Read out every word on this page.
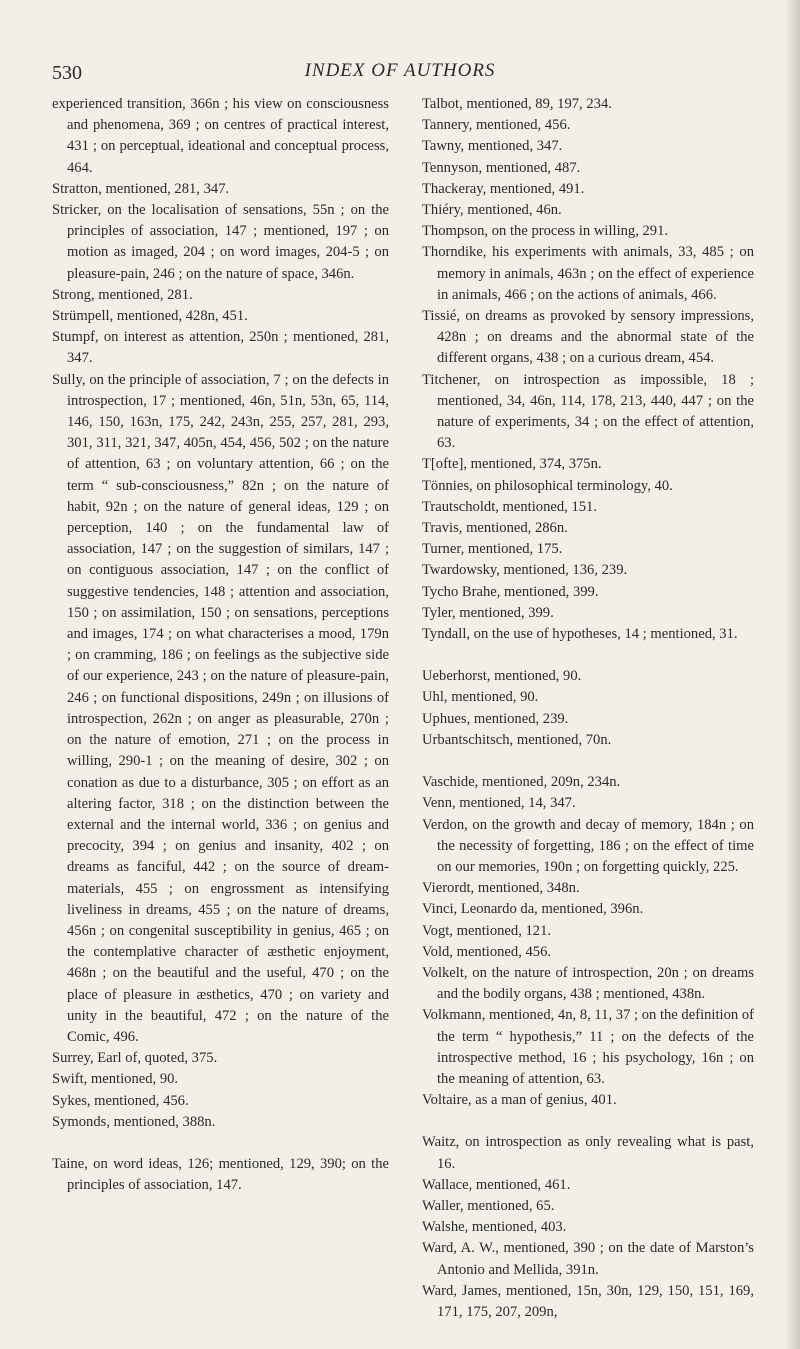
530	INDEX OF AUTHORS

experienced transition, 366n ; his view on consciousness and phenomena, 369 ; on centres of practical interest, 431 ; on perceptual, ideational and conceptual process, 464.

Stratton, mentioned, 281, 347.

Stricker, on the localisation of sensations, 55n ; on the principles of association, 147 ; mentioned, 197 ; on motion as imaged, 204 ; on word images, 204-5 ; on pleasure-pain, 246 ; on the nature of space, 346n.

Strong, mentioned, 281.

Strümpell, mentioned, 428n, 451.

Stumpf, on interest as attention, 250n ; mentioned, 281, 347.

Sully, on the principle of association, 7 ; on the defects in introspection, 17 ; mentioned, 46n, 51n, 53n, 65, 114, 146, 150, 163n, 175, 242, 243n, 255, 257, 281, 293, 301, 311, 321, 347, 405n, 454, 456, 502 ; on the nature of attention, 63 ; on voluntary attention, 66 ; on the term “ sub-consciousness,” 82n ; on the nature of habit, 92n ; on the nature of general ideas, 129 ; on perception, 140 ; on the fundamental law of association, 147 ; on the suggestion of similars, 147 ; on contiguous association, 147 ; on the conflict of suggestive tendencies, 148 ; attention and association, 150 ; on assimilation, 150 ; on sensations, perceptions and images, 174 ; on what characterises a mood, 179n ; on cramming, 186 ; on feelings as the subjective side of our experience, 243 ; on the nature of pleasure-pain, 246 ; on functional dispositions, 249n ; on illusions of introspection, 262n ; on anger as pleasurable, 270n ; on the nature of emotion, 271 ; on the process in willing, 290-1 ; on the meaning of desire, 302 ; on conation as due to a disturbance, 305 ; on effort as an altering factor, 318 ; on the distinction between the external and the internal world, 336 ; on genius and precocity, 394 ; on genius and insanity, 402 ; on dreams as fanciful, 442 ; on the source of dream-materials, 455 ; on engrossment as intensifying liveliness in dreams, 455 ; on the nature of dreams, 456n ; on congenital susceptibility in genius, 465 ; on the contemplative character of æsthetic enjoyment, 468n ; on the beautiful and the useful, 470 ; on the place of pleasure in æsthetics, 470 ; on variety and unity in the beautiful, 472 ; on the nature of the Comic, 496.

Surrey, Earl of, quoted, 375.

Swift, mentioned, 90.

Sykes, mentioned, 456.

Symonds, mentioned, 388n.

Taine, on word ideas, 126; mentioned, 129, 390; on the principles of association, 147.

Talbot, mentioned, 89, 197, 234.

Tannery, mentioned, 456.

Tawny, mentioned, 347.

Tennyson, mentioned, 487.

Thackeray, mentioned, 491.

Thiéry, mentioned, 46n.

Thompson, on the process in willing, 291.

Thorndike, his experiments with animals, 33, 485 ; on memory in animals, 463n ; on the effect of experience in animals, 466 ; on the actions of animals, 466.

Tissié, on dreams as provoked by sensory impressions, 428n ; on dreams and the abnormal state of the different organs, 438 ; on a curious dream, 454.

Titchener, on introspection as impossible, 18 ; mentioned, 34, 46n, 114, 178, 213, 440, 447 ; on the nature of experiments, 34 ; on the effect of attention, 63.

T[ofte], mentioned, 374, 375n.

Tönnies, on philosophical terminology, 40.

Trautscholdt, mentioned, 151.

Travis, mentioned, 286n.

Turner, mentioned, 175.

Twardowsky, mentioned, 136, 239.

Tycho Brahe, mentioned, 399.

Tyler, mentioned, 399.

Tyndall, on the use of hypotheses, 14 ; mentioned, 31.

Ueberhorst, mentioned, 90.

Uhl, mentioned, 90.

Uphues, mentioned, 239.

Urbantschitsch, mentioned, 70n.

Vaschide, mentioned, 209n, 234n.

Venn, mentioned, 14, 347.

Verdon, on the growth and decay of memory, 184n ; on the necessity of forgetting, 186 ; on the effect of time on our memories, 190n ; on forgetting quickly, 225.

Vierordt, mentioned, 348n.

Vinci, Leonardo da, mentioned, 396n.

Vogt, mentioned, 121.

Vold, mentioned, 456.

Volkelt, on the nature of introspection, 20n ; on dreams and the bodily organs, 438 ; mentioned, 438n.

Volkmann, mentioned, 4n, 8, 11, 37 ; on the definition of the term “ hypothesis,” 11 ; on the defects of the introspective method, 16 ; his psychology, 16n ; on the meaning of attention, 63.

Voltaire, as a man of genius, 401.

Waitz, on introspection as only revealing what is past, 16.

Wallace, mentioned, 461.

Waller, mentioned, 65.

Walshe, mentioned, 403.

Ward, A. W., mentioned, 390 ; on the date of Marston’s Antonio and Mellida, 391n.

Ward, James, mentioned, 15n, 30n, 129, 150, 151, 169, 171, 175, 207, 209n,
